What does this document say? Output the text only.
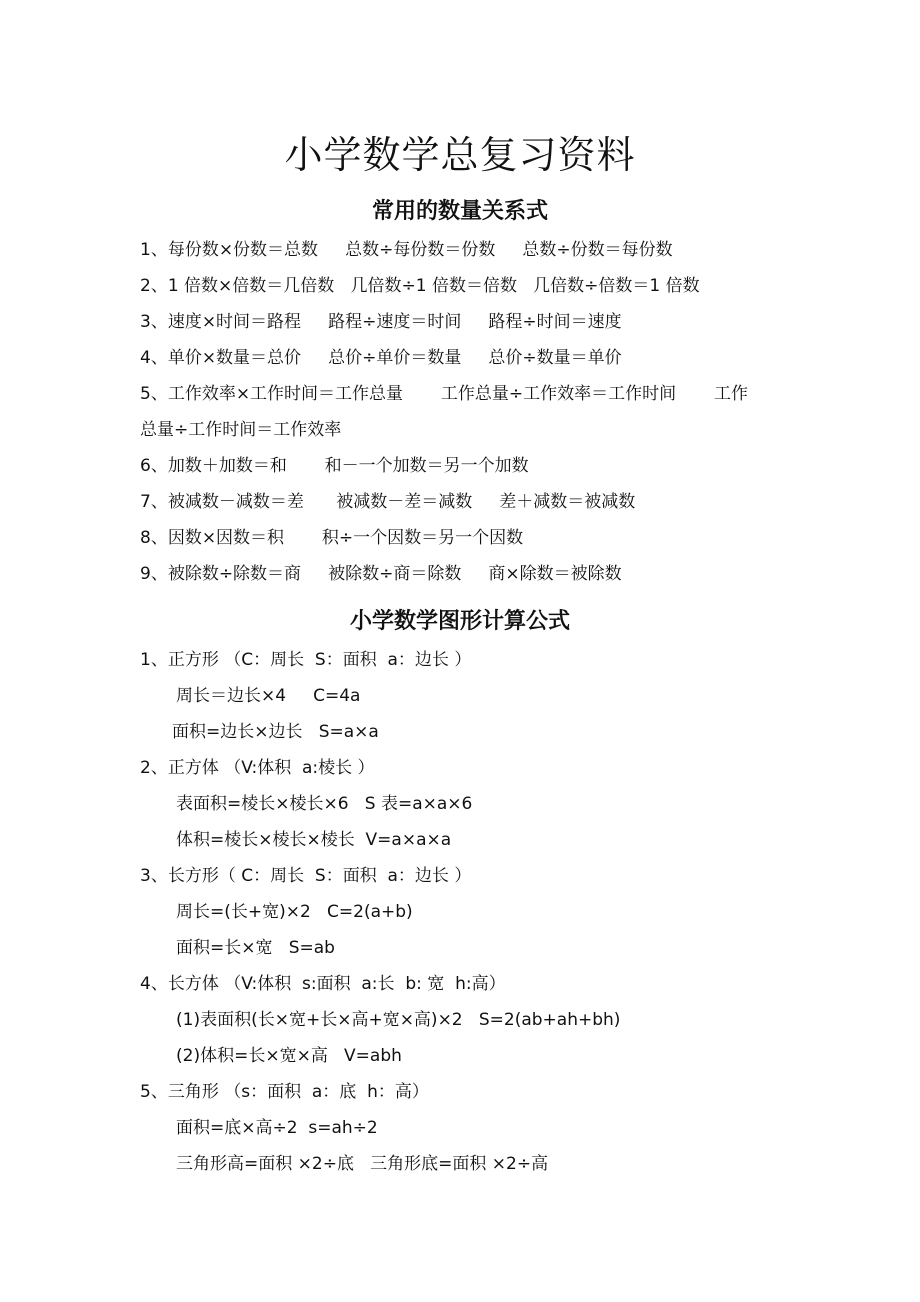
小学数学总复习资料
常用的数量关系式
1、每份数×份数＝总数     总数÷每份数＝份数     总数÷份数＝每份数
2、1 倍数×倍数＝几倍数   几倍数÷1 倍数＝倍数   几倍数÷倍数＝1 倍数
3、速度×时间＝路程     路程÷速度＝时间     路程÷时间＝速度
4、单价×数量＝总价     总价÷单价＝数量     总价÷数量＝单价
5、工作效率×工作时间＝工作总量       工作总量÷工作效率＝工作时间       工作
总量÷工作时间＝工作效率
6、加数＋加数＝和       和－一个加数＝另一个加数
7、被减数－减数＝差      被减数－差＝减数     差＋减数＝被减数
8、因数×因数＝积       积÷一个因数＝另一个因数
9、被除数÷除数＝商     被除数÷商＝除数     商×除数＝被除数
小学数学图形计算公式
1、正方形 （C：周长  S：面积  a：边长 ）
周长＝边长×4     C=4a
面积=边长×边长   S=a×a
2、正方体 （V:体积  a:棱长 ）
表面积=棱长×棱长×6   S 表=a×a×6
体积=棱长×棱长×棱长  V=a×a×a
3、长方形（ C：周长  S：面积  a：边长 ）
周长=(长+宽)×2   C=2(a+b)
面积=长×宽   S=ab
4、长方体 （V:体积  s:面积  a:长  b: 宽  h:高）
(1)表面积(长×宽+长×高+宽×高)×2   S=2(ab+ah+bh)
(2)体积=长×宽×高   V=abh
5、三角形 （s：面积  a：底  h：高）
面积=底×高÷2  s=ah÷2
三角形高=面积 ×2÷底   三角形底=面积 ×2÷高
